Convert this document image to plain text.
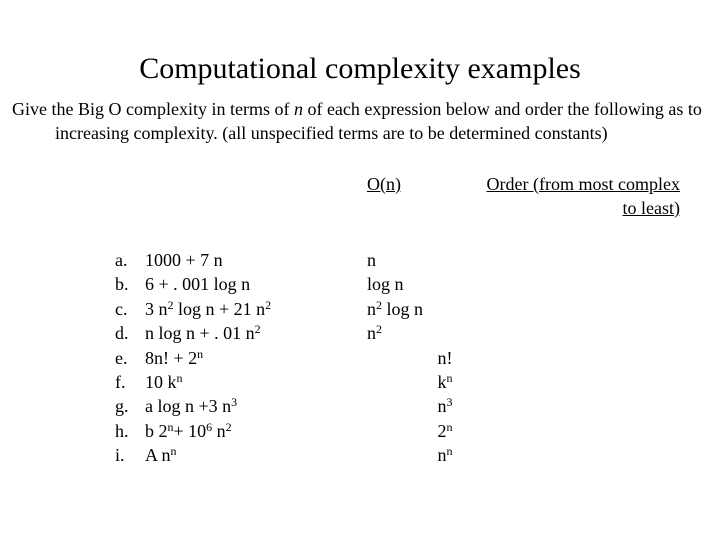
Computational complexity examples
Give the Big O complexity in terms of n of each expression below and order the following as to increasing complexity. (all unspecified terms are to be determined constants)
O(n)	Order (from most complex to least)
a. 1000 + 7 n
b. 6 + . 001 log n
c. 3 $n^2$ log n + 21 $n^2$
d. n log n + . 01 $n^2$
e. 8n! + $2^n$
f. 10 $k^n$
g. a log n +3 $n^3$
h. b $2^n+ 10^6$ $n^2$
i. A $n^n$
n
log n
$n^2$ log n
$n^2$
n!
$k^n$
$n^3$
2$^n$
$n^n$
